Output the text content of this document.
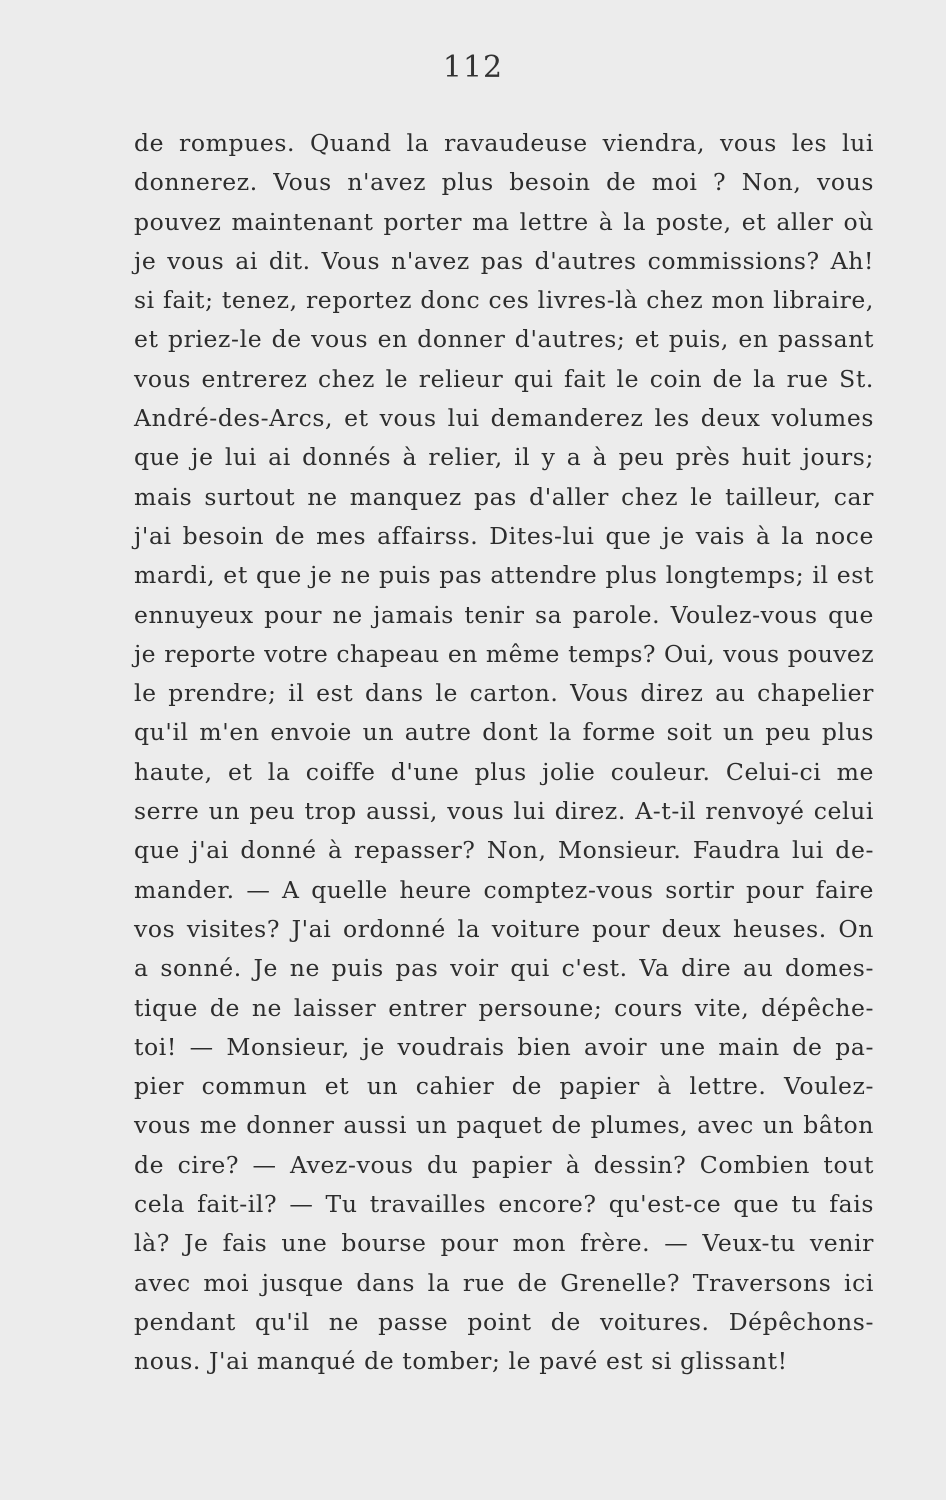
112
de rompues. Quand la ravaudeuse viendra, vous les lui
donnerez. Vous n'avez plus besoin de moi ? Non, vous
pouvez maintenant porter ma lettre à la poste, et aller où
je vous ai dit. Vous n'avez pas d'autres commissions? Ah!
si fait; tenez, reportez donc ces livres-là chez mon libraire,
et priez-le de vous en donner d'autres; et puis, en passant
vous entrerez chez le relieur qui fait le coin de la rue St.
André-des-Arcs, et vous lui demanderez les deux volumes
que je lui ai donnés à relier, il y a à peu près huit jours;
mais surtout ne manquez pas d'aller chez le tailleur, car
j'ai besoin de mes affairss. Dites-lui que je vais à la noce
mardi, et que je ne puis pas attendre plus longtemps; il est
ennuyeux pour ne jamais tenir sa parole. Voulez-vous que
je reporte votre chapeau en même temps? Oui, vous pouvez
le prendre; il est dans le carton. Vous direz au chapelier
qu'il m'en envoie un autre dont la forme soit un peu plus
haute, et la coiffe d'une plus jolie couleur. Celui-ci me
serre un peu trop aussi, vous lui direz. A-t-il renvoyé celui
que j'ai donné à repasser? Non, Monsieur. Faudra lui de-
mander. — A quelle heure comptez-vous sortir pour faire
vos visites? J'ai ordonné la voiture pour deux heuses. On
a sonné. Je ne puis pas voir qui c'est. Va dire au domes-
tique de ne laisser entrer persoune; cours vite, dépêche-
toi! — Monsieur, je voudrais bien avoir une main de pa-
pier commun et un cahier de papier à lettre. Voulez-
vous me donner aussi un paquet de plumes, avec un bâton
de cire? — Avez-vous du papier à dessin? Combien tout
cela fait-il? — Tu travailles encore? qu'est-ce que tu fais
là? Je fais une bourse pour mon frère. — Veux-tu venir
avec moi jusque dans la rue de Grenelle? Traversons ici
pendant qu'il ne passe point de voitures. Dépêchons-
nous. J'ai manqué de tomber; le pavé est si glissant!
